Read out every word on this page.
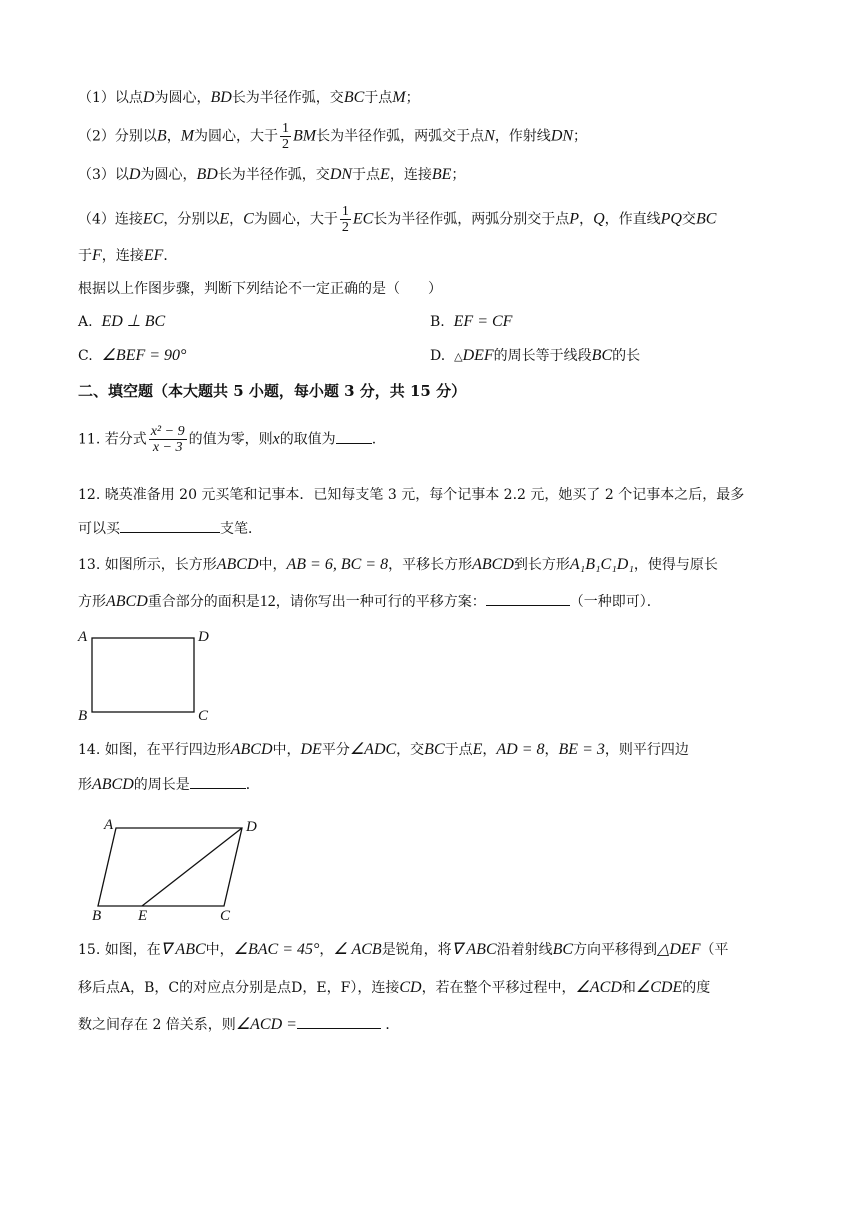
（1）以点D为圆心，BD长为半径作弧，交BC于点M；
（2）分别以B，M为圆心，大于 $\frac{1}{2}$ BM长为半径作弧，两弧交于点N，作射线DN；
（3）以D为圆心，BD长为半径作弧，交DN于点E，连接BE；
（4）连接EC，分别以E，C为圆心，大于 $\frac{1}{2}$ EC长为半径作弧，两弧分别交于点P，Q，作直线PQ交BC
于F，连接EF．
根据以上作图步骤，判断下列结论不一定正确的是（　　）
A. ED ⊥ BC	B. EF = CF
C. ∠BEF = 90°	D. △DEF的周长等于线段BC的长
二、填空题（本大题共 5 小题，每小题 3 分，共 15 分）
11. 若分式 $\frac{\text{x² − 9}}{x - 3}$ 的值为零，则x的取值为	.
12. 晓英准备用 20 元买笔和记事本．已知每支笔 3 元，每个记事本 2.2 元，她买了 2 个记事本之后，最多
可以买	支笔．
13. 如图所示，长方形ABCD中，AB = 6, BC = 8，平移长方形ABCD到长方形A₁B₁C₁D₁，使得与原长
方形ABCD重合部分的面积是12，请你写出一种可行的平移方案：	（一种即可）．
A	D
B	C
14. 如图，在平行四边形ABCD中，DE平分∠ADC，交BC于点E，AD = 8，BE = 3，则平行四边
形ABCD的周长是	．
A	D
B E	C
15. 如图，在∇ ABC中，∠BAC = 45°，∠ ACB是锐角，将∇ ABC沿着射线BC方向平移得到△DEF（平
移后点A，B，C的对应点分别是点D，E，F），连接CD，若在整个平移过程中，∠ACD和∠CDE的度
数之间存在 2 倍关系，则∠ACD =	．
